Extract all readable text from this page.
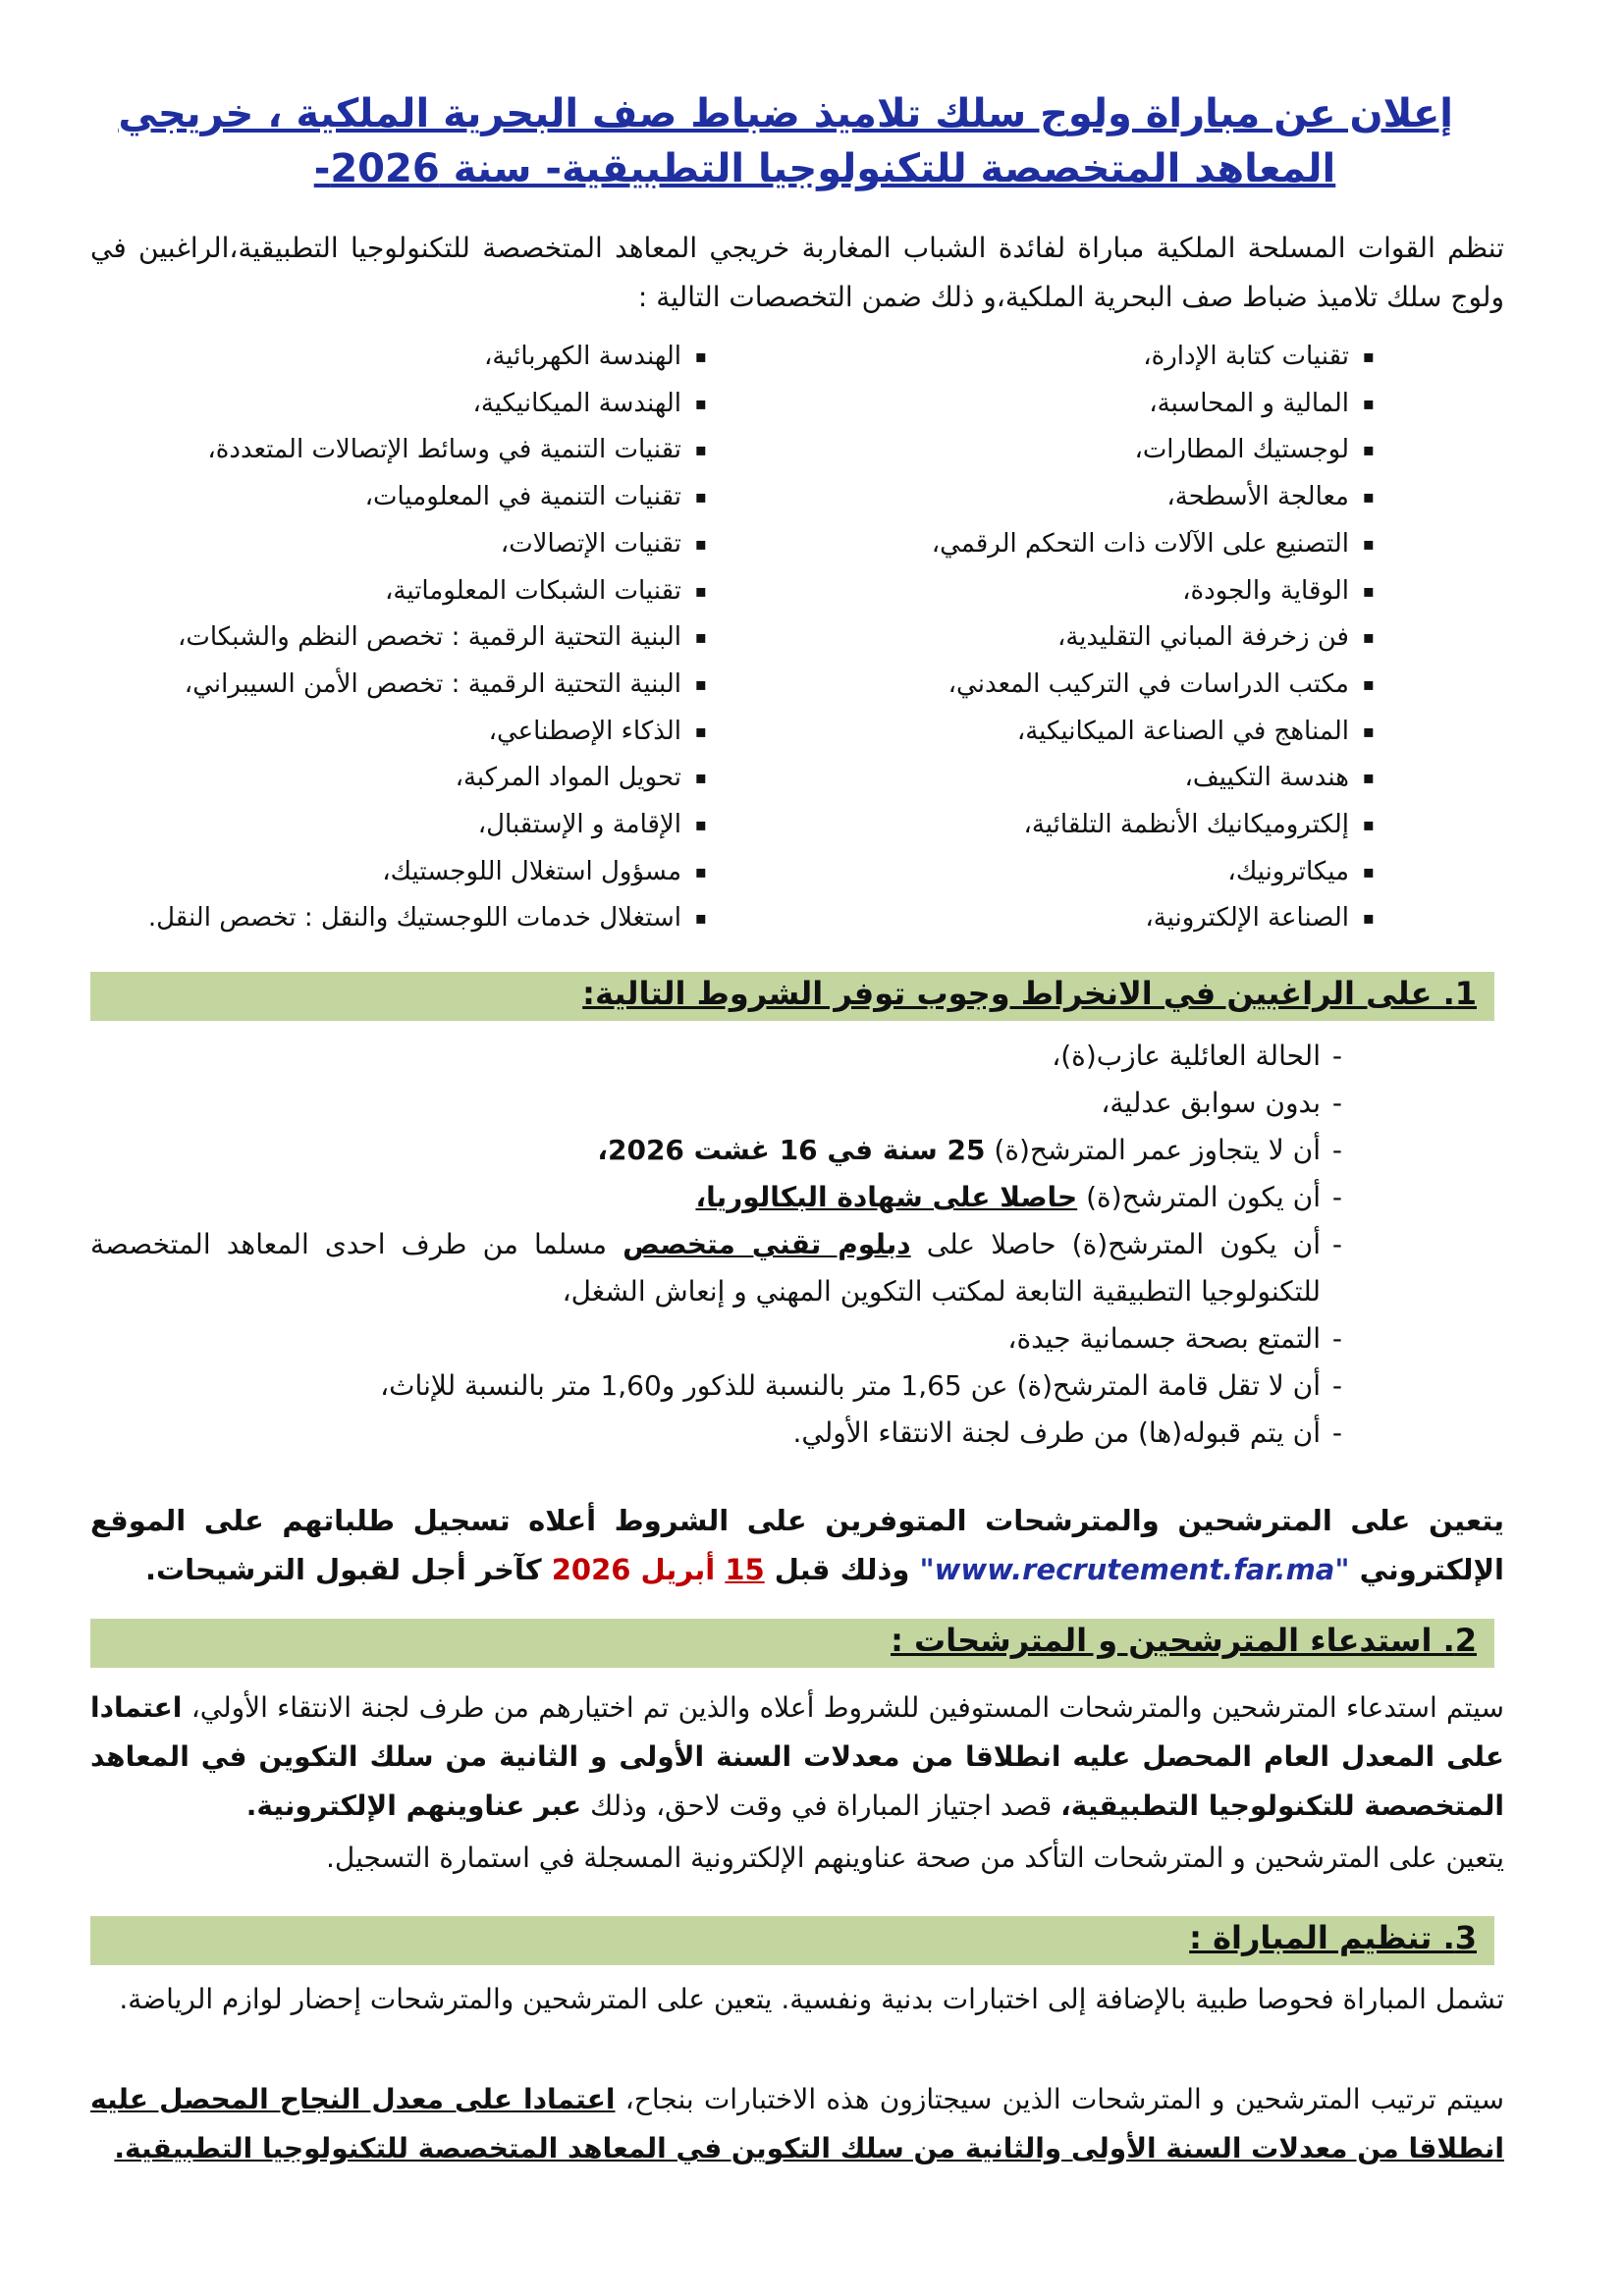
إعلان عن مباراة ولوج سلك تلاميذ ضباط صف البحرية الملكية ، خريجي
المعاهد المتخصصة للتكنولوجيا التطبيقية- سنة 2026-
تنظم القوات المسلحة الملكية مباراة لفائدة الشباب المغاربة خريجي المعاهد المتخصصة للتكنولوجيا التطبيقية،الراغبين في ولوج سلك تلاميذ ضباط صف البحرية الملكية،و ذلك ضمن التخصصات التالية :
▪ تقنيات كتابة الإدارة،
▪ المالية و المحاسبة،
▪ لوجستيك المطارات،
▪ معالجة الأسطحة،
▪ التصنيع على الآلات ذات التحكم الرقمي،
▪ الوقاية والجودة،
▪ فن زخرفة المباني التقليدية،
▪ مكتب الدراسات في التركيب المعدني،
▪ المناهج في الصناعة الميكانيكية،
▪ هندسة التكييف،
▪ إلكتروميكانيك الأنظمة التلقائية،
▪ ميكاترونيك،
▪ الصناعة الإلكترونية،
▪ الهندسة الكهربائية،
▪ الهندسة الميكانيكية،
▪ تقنيات التنمية في وسائط الإتصالات المتعددة،
▪ تقنيات التنمية في المعلوميات،
▪ تقنيات الإتصالات،
▪ تقنيات الشبكات المعلوماتية،
▪ البنية التحتية الرقمية : تخصص النظم والشبكات،
▪ البنية التحتية الرقمية : تخصص الأمن السيبراني،
▪ الذكاء الإصطناعي،
▪ تحويل المواد المركبة،
▪ الإقامة و الإستقبال،
▪ مسؤول استغلال اللوجستيك،
▪ استغلال خدمات اللوجستيك والنقل : تخصص النقل.
1. على الراغبين في الانخراط وجوب توفر الشروط التالية:
- الحالة العائلية عازب(ة)،
- بدون سوابق عدلية،
- أن لا يتجاوز عمر المترشح(ة) 25 سنة في 16 غشت 2026،
- أن يكون المترشح(ة) حاصلا على شهادة البكالوريا،
- أن يكون المترشح(ة) حاصلا على دبلوم تقني متخصص مسلما من طرف احدى المعاهد المتخصصة للتكنولوجيا التطبيقية التابعة لمكتب التكوين المهني و إنعاش الشغل،
- التمتع بصحة جسمانية جيدة،
- أن لا تقل قامة المترشح(ة) عن 1,65 متر بالنسبة للذكور و1,60 متر بالنسبة للإناث،
- أن يتم قبوله(ها) من طرف لجنة الانتقاء الأولي.
يتعين على المترشحين والمترشحات المتوفرين على الشروط أعلاه تسجيل طلباتهم على الموقع الإلكتروني "www.recrutement.far.ma" وذلك قبل 15 أبريل 2026 كآخر أجل لقبول الترشيحات.
2. استدعاء المترشحين و المترشحات :
سيتم استدعاء المترشحين والمترشحات المستوفين للشروط أعلاه والذين تم اختيارهم من طرف لجنة الانتقاء الأولي، اعتمادا على المعدل العام المحصل عليه انطلاقا من معدلات السنة الأولى و الثانية من سلك التكوين في المعاهد المتخصصة للتكنولوجيا التطبيقية، قصد اجتياز المباراة في وقت لاحق، وذلك عبر عناوينهم الإلكترونية.
يتعين على المترشحين و المترشحات التأكد من صحة عناوينهم الإلكترونية المسجلة في استمارة التسجيل.
3. تنظيم المباراة :
تشمل المباراة فحوصا طبية بالإضافة إلى اختبارات بدنية ونفسية. يتعين على المترشحين والمترشحات إحضار لوازم الرياضة.
سيتم ترتيب المترشحين و المترشحات الذين سيجتازون هذه الاختبارات بنجاح، اعتمادا على معدل النجاح المحصل عليه انطلاقا من معدلات السنة الأولى والثانية من سلك التكوين في المعاهد المتخصصة للتكنولوجيا التطبيقية.
